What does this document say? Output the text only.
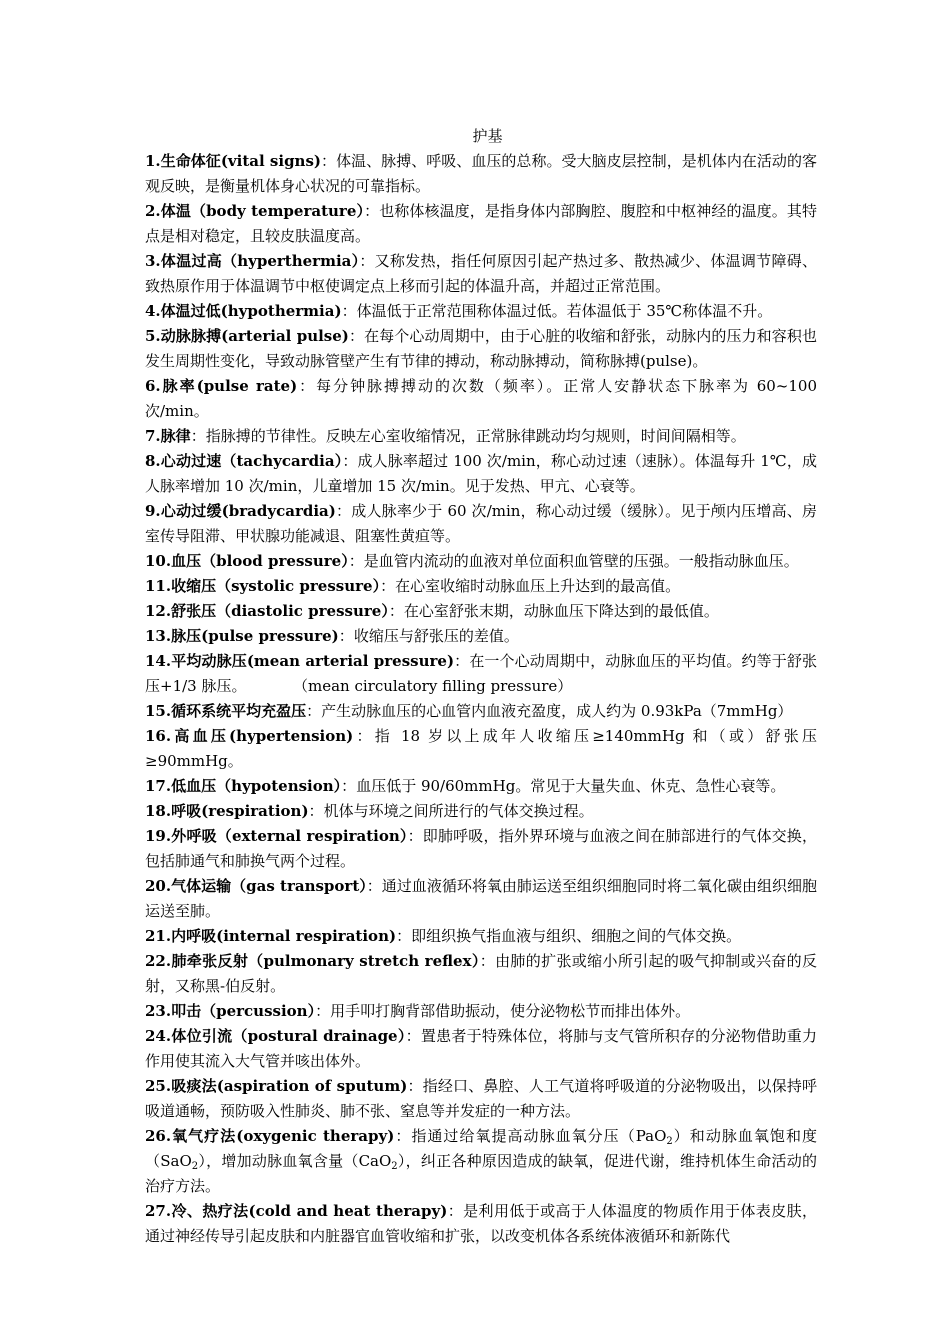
护基

1.生命体征(vital signs)：体温、脉搏、呼吸、血压的总称。受大脑皮层控制，是机体内在活动的客观反映，是衡量机体身心状况的可靠指标。

2.体温（body temperature）：也称体核温度，是指身体内部胸腔、腹腔和中枢神经的温度。其特点是相对稳定，且较皮肤温度高。

3.体温过高（hyperthermia）：又称发热，指任何原因引起产热过多、散热减少、体温调节障碍、致热原作用于体温调节中枢使调定点上移而引起的体温升高，并超过正常范围。

4.体温过低(hypothermia)：体温低于正常范围称体温过低。若体温低于 35℃称体温不升。

5.动脉脉搏(arterial pulse)：在每个心动周期中，由于心脏的收缩和舒张，动脉内的压力和容积也发生周期性变化，导致动脉管壁产生有节律的搏动，称动脉搏动，简称脉搏(pulse)。

6.脉率(pulse rate)：每分钟脉搏搏动的次数（频率）。正常人安静状态下脉率为 60~100 次/min。

7.脉律：指脉搏的节律性。反映左心室收缩情况，正常脉律跳动均匀规则，时间间隔相等。

8.心动过速（tachycardia）：成人脉率超过 100 次/min，称心动过速（速脉）。体温每升 1℃，成人脉率增加 10 次/min，儿童增加 15 次/min。见于发热、甲亢、心衰等。

9.心动过缓(bradycardia)：成人脉率少于 60 次/min，称心动过缓（缓脉）。见于颅内压增高、房室传导阻滞、甲状腺功能减退、阻塞性黄疸等。

10.血压（blood pressure）：是血管内流动的血液对单位面积血管壁的压强。一般指动脉血压。

11.收缩压（systolic pressure）：在心室收缩时动脉血压上升达到的最高值。

12.舒张压（diastolic pressure）：在心室舒张末期，动脉血压下降达到的最低值。

13.脉压(pulse pressure)：收缩压与舒张压的差值。

14.平均动脉压(mean arterial pressure)：在一个心动周期中，动脉血压的平均值。约等于舒张压+1/3 脉压。	（mean circulatory filling pressure）

15.循环系统平均充盈压：产生动脉血压的心血管内血液充盈度，成人约为 0.93kPa（7mmHg）

16.高血压(hypertension)：指 18 岁以上成年人收缩压≥140mmHg 和（或）舒张压≥90mmHg。

17.低血压（hypotension）：血压低于 90/60mmHg。常见于大量失血、休克、急性心衰等。

18.呼吸(respiration)：机体与环境之间所进行的气体交换过程。

19.外呼吸（external respiration）：即肺呼吸，指外界环境与血液之间在肺部进行的气体交换，包括肺通气和肺换气两个过程。

20.气体运输（gas transport）：通过血液循环将氧由肺运送至组织细胞同时将二氧化碳由组织细胞运送至肺。

21.内呼吸(internal respiration)：即组织换气指血液与组织、细胞之间的气体交换。

22.肺牵张反射（pulmonary stretch reflex）：由肺的扩张或缩小所引起的吸气抑制或兴奋的反射，又称黑-伯反射。

23.叩击（percussion）：用手叩打胸背部借助振动，使分泌物松节而排出体外。

24.体位引流（postural drainage）：置患者于特殊体位，将肺与支气管所积存的分泌物借助重力作用使其流入大气管并咳出体外。

25.吸痰法(aspiration of sputum)：指经口、鼻腔、人工气道将呼吸道的分泌物吸出，以保持呼吸道通畅，预防吸入性肺炎、肺不张、窒息等并发症的一种方法。

26.氧气疗法(oxygenic therapy)：指通过给氧提高动脉血氧分压（PaO$_2$）和动脉血氧饱和度（SaO$_2$），增加动脉血氧含量（CaO$_2$），纠正各种原因造成的缺氧，促进代谢，维持机体生命活动的治疗方法。

27.冷、热疗法(cold and heat therapy)：是利用低于或高于人体温度的物质作用于体表皮肤，通过神经传导引起皮肤和内脏器官血管收缩和扩张，以改变机体各系统体液循环和新陈代
